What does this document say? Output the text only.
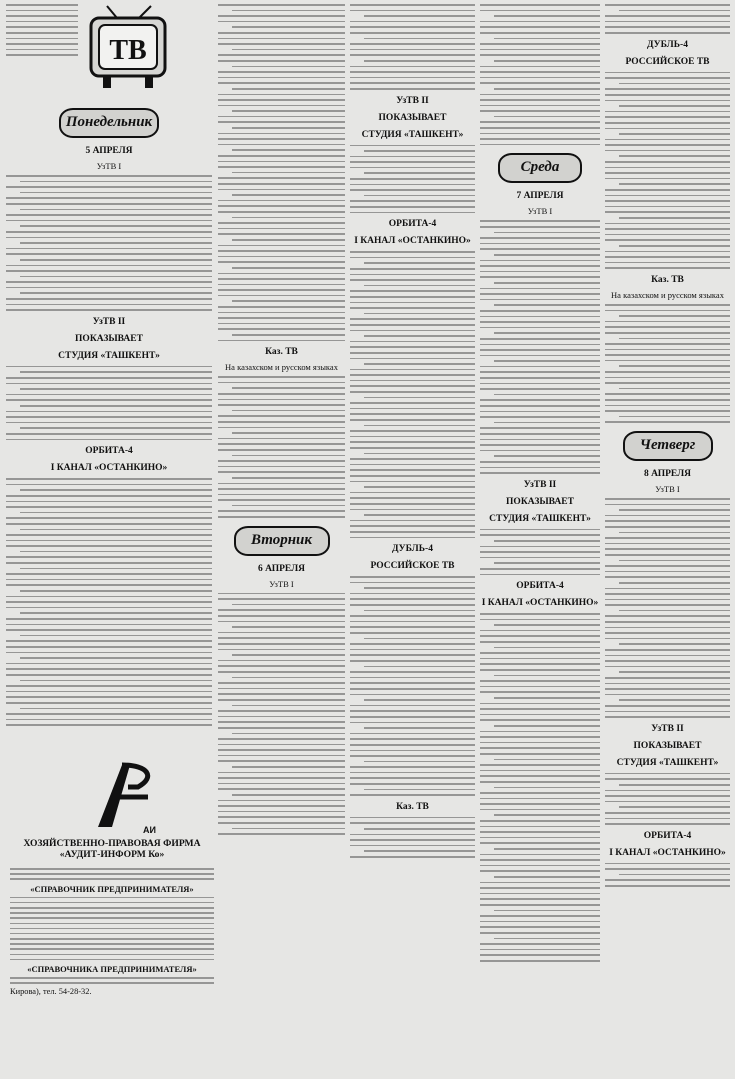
ТВ
Понедельник
5 АПРЕЛЯ
УзТВ I
УзТВ II
ПОКАЗЫВАЕТ
СТУДИЯ «ТАШКЕНТ»
ОРБИТА-4
I КАНАЛ «ОСТАНКИНО»
АИ
ХОЗЯЙСТВЕННО-ПРАВОВАЯ ФИРМА
«АУДИТ-ИНФОРМ Ко»
«СПРАВОЧНИК ПРЕДПРИНИМАТЕЛЯ»
«СПРАВОЧНИКА ПРЕДПРИНИМАТЕЛЯ»
Кирова), тел. 54-28-32.
Каз. ТВ
На казахском и русском языках
Вторник
6 АПРЕЛЯ
УзТВ I
УзТВ II
ПОКАЗЫВАЕТ
СТУДИЯ «ТАШКЕНТ»
ОРБИТА-4
I КАНАЛ «ОСТАНКИНО»
ДУБЛЬ-4
РОССИЙСКОЕ ТВ
Каз. ТВ
Среда
7 АПРЕЛЯ
УзТВ I
УзТВ II
ПОКАЗЫВАЕТ
СТУДИЯ «ТАШКЕНТ»
ОРБИТА-4
I КАНАЛ «ОСТАНКИНО»
ДУБЛЬ-4
РОССИЙСКОЕ ТВ
Каз. ТВ
На казахском и русском языках
Четверг
8 АПРЕЛЯ
УзТВ I
УзТВ II
ПОКАЗЫВАЕТ
СТУДИЯ «ТАШКЕНТ»
ОРБИТА-4
I КАНАЛ «ОСТАНКИНО»
